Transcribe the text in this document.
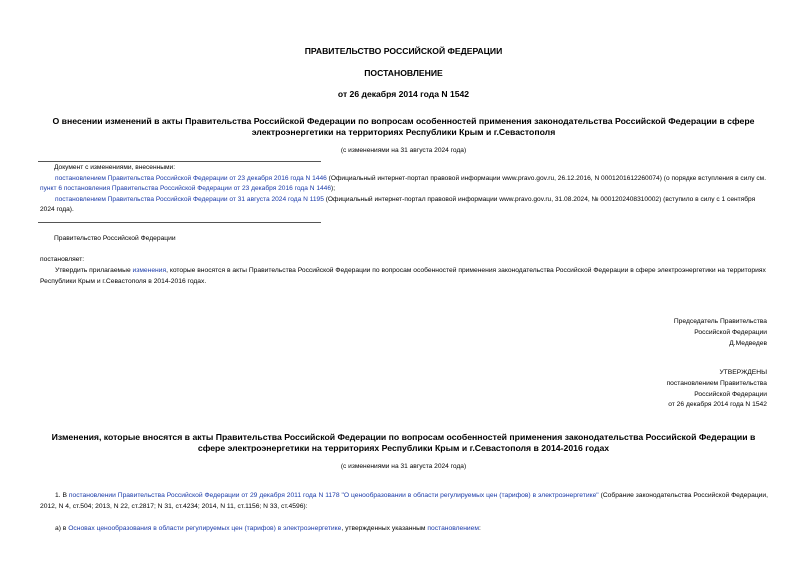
ПРАВИТЕЛЬСТВО РОССИЙСКОЙ ФЕДЕРАЦИИ
ПОСТАНОВЛЕНИЕ
от 26 декабря 2014 года N 1542
О внесении изменений в акты Правительства Российской Федерации по вопросам особенностей применения законодательства Российской Федерации в сфере
электроэнергетики на территориях Республики Крым и г.Севастополя
(с изменениями на 31 августа 2024 года)
Документ с изменениями, внесенными:
постановлением Правительства Российской Федерации от 23 декабря 2016 года N 1446 (Официальный интернет-портал правовой информации www.pravo.gov.ru, 26.12.2016, N 0001201612260074) (о порядке вступления в силу см. пункт 6 постановления Правительства Российской Федерации от 23 декабря 2016 года N 1446);
постановлением Правительства Российской Федерации от 31 августа 2024 года N 1195 (Официальный интернет-портал правовой информации www.pravo.gov.ru, 31.08.2024, № 0001202408310002) (вступило в силу с 1 сентября 2024 года).
Правительство Российской Федерации
постановляет:
Утвердить прилагаемые изменения, которые вносятся в акты Правительства Российской Федерации по вопросам особенностей применения законодательства Российской Федерации в сфере электроэнергетики на территориях Республики Крым и г.Севастополя в 2014-2016 годах.
Председатель Правительства
Российской Федерации
Д.Медведев
УТВЕРЖДЕНЫ
постановлением Правительства
Российской Федерации
от 26 декабря 2014 года N 1542
Изменения, которые вносятся в акты Правительства Российской Федерации по вопросам особенностей применения законодательства Российской Федерации в
сфере электроэнергетики на территориях Республики Крым и г.Севастополя в 2014-2016 годах
(с изменениями на 31 августа 2024 года)
1. В постановлении Правительства Российской Федерации от 29 декабря 2011 года N 1178 "О ценообразовании в области регулируемых цен (тарифов) в электроэнергетике" (Собрание законодательства Российской Федерации, 2012, N 4, ст.504; 2013, N 22, ст.2817; N 31, ст.4234; 2014, N 11, ст.1156; N 33, ст.4596):
а) в Основах ценообразования в области регулируемых цен (тарифов) в электроэнергетике, утвержденных указанным постановлением:
